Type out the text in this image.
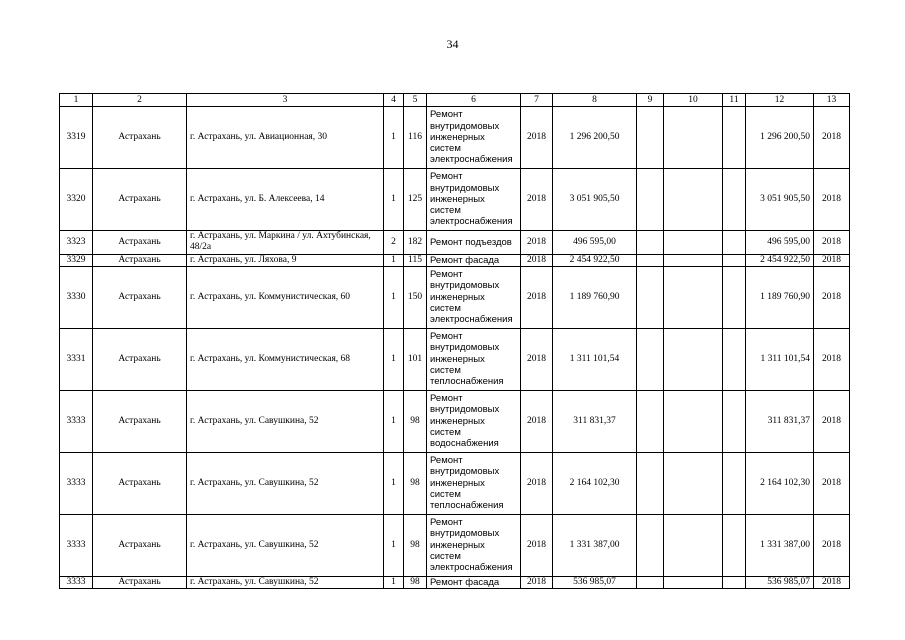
34
1	2	3	4	5	6	7	8	9	10	11	12	13
3319	Астрахань	г. Астрахань, ул. Авиационная, 30	1	116	Ремонт
внутридомовых
инженерных
систем
электроснабжения	2018	1 296 200,50				1 296 200,50	2018
3320	Астрахань	г. Астрахань, ул. Б. Алексеева, 14	1	125	Ремонт
внутридомовых
инженерных
систем
электроснабжения	2018	3 051 905,50				3 051 905,50	2018
3323	Астрахань	г. Астрахань, ул. Маркина / ул. Ахтубинская, 48/2а	2	182	Ремонт подъездов	2018	496 595,00				496 595,00	2018
3329	Астрахань	г. Астрахань, ул. Ляхова, 9	1	115	Ремонт фасада	2018	2 454 922,50				2 454 922,50	2018
3330	Астрахань	г. Астрахань, ул. Коммунистическая, 60	1	150	Ремонт
внутридомовых
инженерных
систем
электроснабжения	2018	1 189 760,90				1 189 760,90	2018
3331	Астрахань	г. Астрахань, ул. Коммунистическая, 68	1	101	Ремонт
внутридомовых
инженерных
систем
теплоснабжения	2018	1 311 101,54				1 311 101,54	2018
3333	Астрахань	г. Астрахань, ул. Савушкина, 52	1	98	Ремонт
внутридомовых
инженерных
систем
водоснабжения	2018	311 831,37				311 831,37	2018
3333	Астрахань	г. Астрахань, ул. Савушкина, 52	1	98	Ремонт
внутридомовых
инженерных
систем
теплоснабжения	2018	2 164 102,30				2 164 102,30	2018
3333	Астрахань	г. Астрахань, ул. Савушкина, 52	1	98	Ремонт
внутридомовых
инженерных
систем
электроснабжения	2018	1 331 387,00				1 331 387,00	2018
3333	Астрахань	г. Астрахань, ул. Савушкина, 52	1	98	Ремонт фасада	2018	536 985,07				536 985,07	2018
